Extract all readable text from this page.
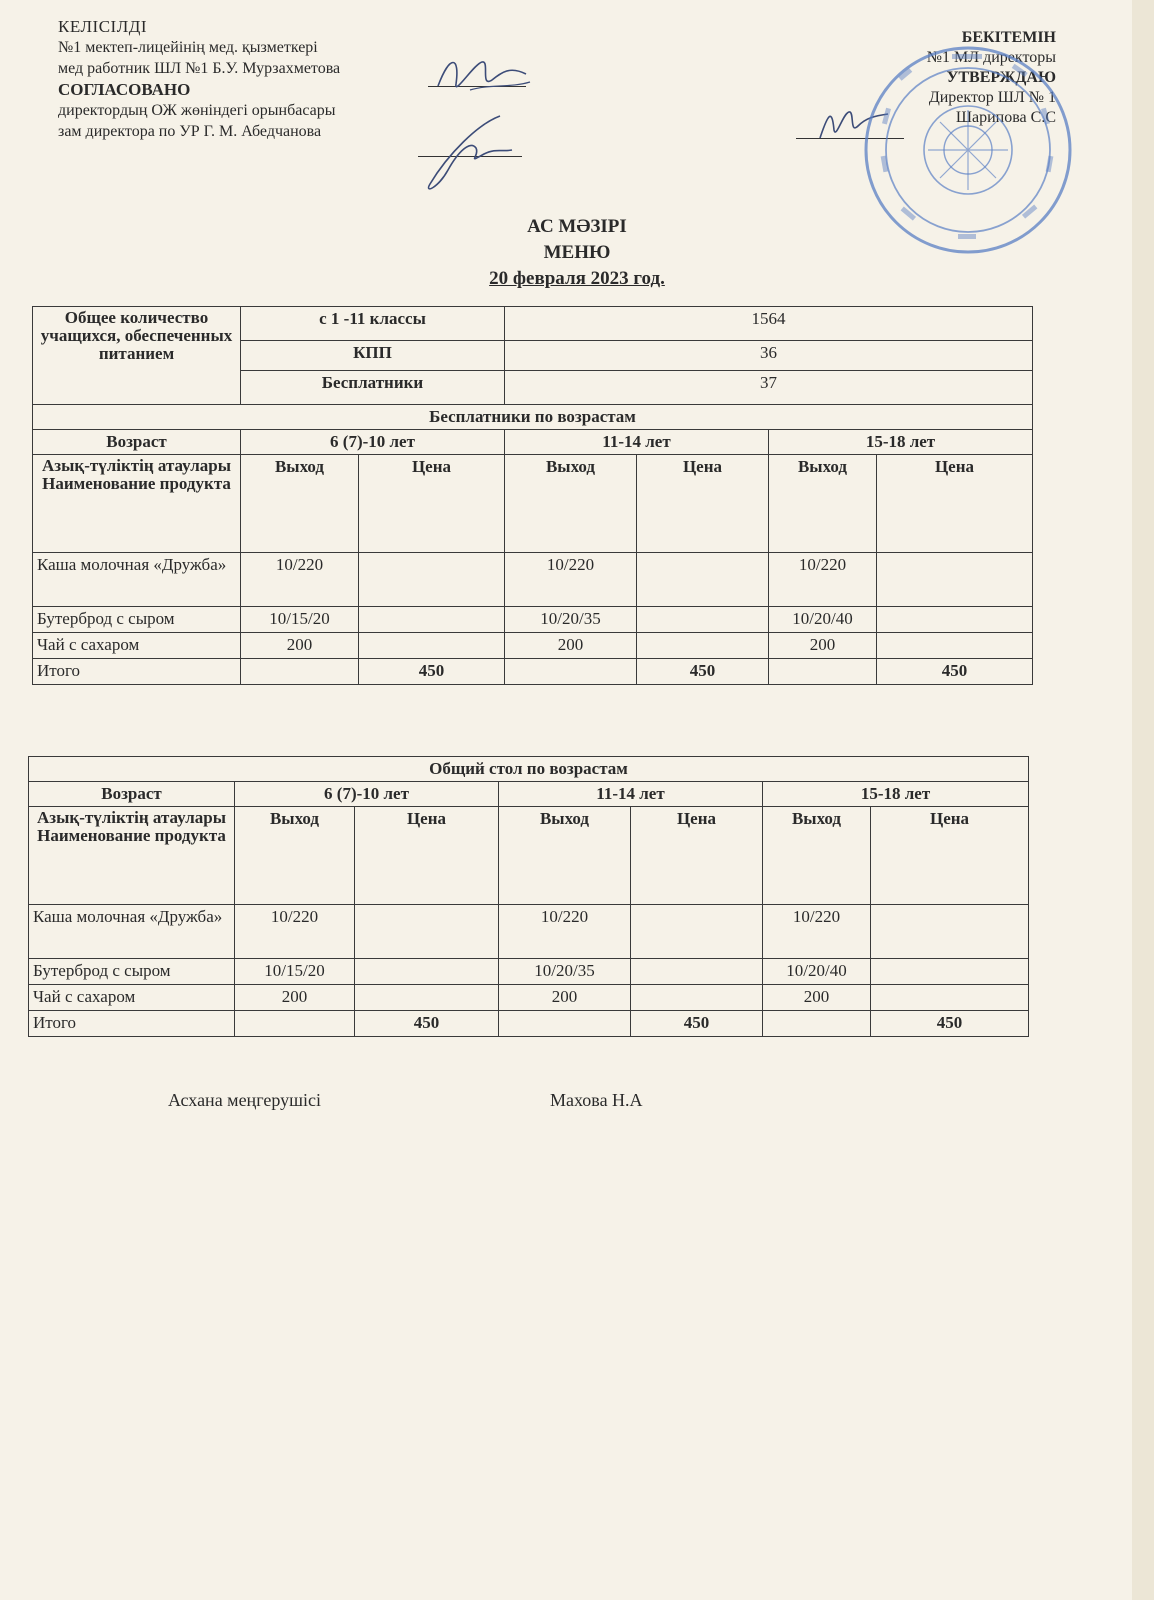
КЕЛІСІЛДІ
№1 мектеп-лицейінің мед. қызметкері
мед работник ШЛ №1 Б.У. Мурзахметова
СОГЛАСОВАНО
директордың ОЖ жөніндегі орынбасары
зам директора по УР Г. М. Абедчанова
БЕКІТЕМІН
№1 МЛ директоры
УТВЕРЖДАЮ
Директор ШЛ № 1
Шарипова С.С
АС МӘЗІРІ
МЕНЮ
20 февраля 2023 год.
Общее количество учащихся, обеспеченных питанием	с 1 -11 классы		1564			
	КПП		36			
	Бесплатники		37			
Бесплатники по возрастам						
Возраст	6 (7)-10 лет		11-14 лет		15-18 лет	
Азық-түліктің атаулары Наименование продукта	Выход	Цена	Выход	Цена	Выход	Цена
Каша молочная «Дружба»	10/220		10/220		10/220	
Бутерброд с сыром	10/15/20		10/20/35		10/20/40	
Чай с сахаром	200		200		200	
Итого		450		450		450
Общий стол по возрастам						
Возраст	6 (7)-10 лет		11-14 лет		15-18 лет	
Азық-түліктің атаулары Наименование продукта	Выход	Цена	Выход	Цена	Выход	Цена
Каша молочная «Дружба»	10/220		10/220		10/220	
Бутерброд с сыром	10/15/20		10/20/35		10/20/40	
Чай с сахаром	200		200		200	
Итого		450		450		450
Асхана меңгерушісі	Махова Н.А
